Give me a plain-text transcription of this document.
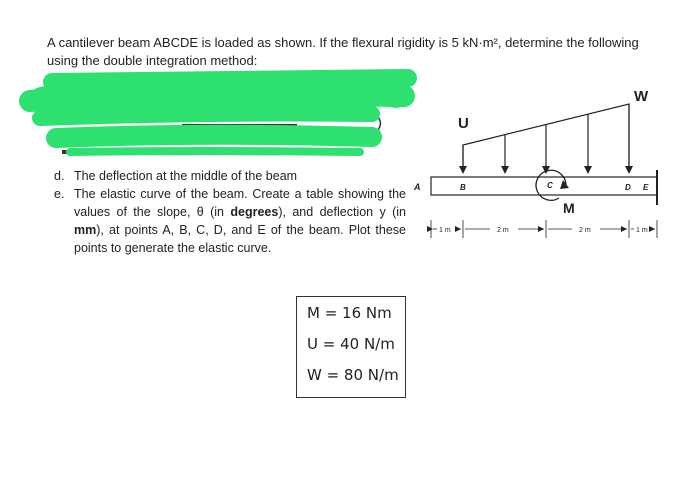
A cantilever beam ABCDE is loaded as shown. If the flexural rigidity is 5 kN·m², determine the following using the double integration method:
d. The deflection at the middle of the beam
e. The elastic curve of the beam. Create a table showing the values of the slope, θ (in degrees), and deflection y (in mm), at points A, B, C, D, and E of the beam. Plot these points to generate the elastic curve.
U
W
M
A	B	C	D E
1 m	2 m	2 m	1 m
M = 16 Nm
U = 40 N/m
W = 80 N/m
